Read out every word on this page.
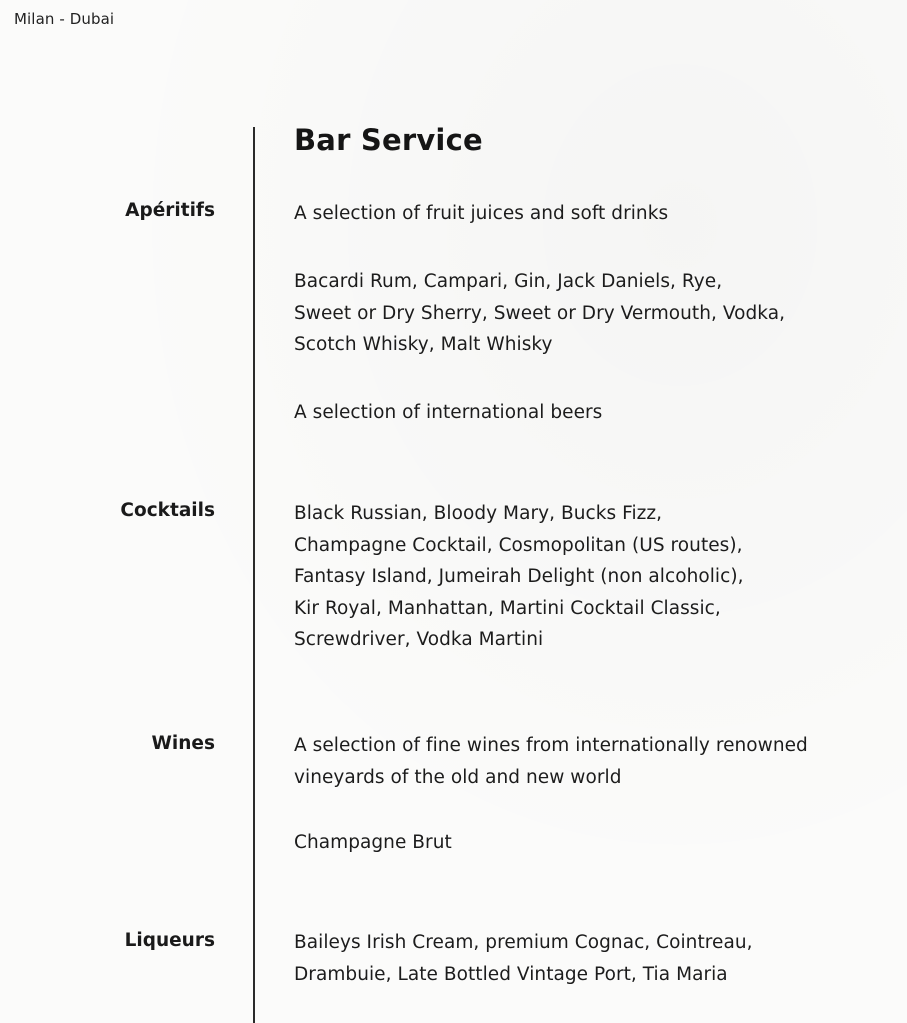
Milan - Dubai
Bar Service
Apéritifs	A selection of fruit juices and soft drinks
Bacardi Rum, Campari, Gin, Jack Daniels, Rye,
Sweet or Dry Sherry, Sweet or Dry Vermouth, Vodka,
Scotch Whisky, Malt Whisky
A selection of international beers
Cocktails	Black Russian, Bloody Mary, Bucks Fizz,
Champagne Cocktail, Cosmopolitan (US routes),
Fantasy Island, Jumeirah Delight (non alcoholic),
Kir Royal, Manhattan, Martini Cocktail Classic,
Screwdriver, Vodka Martini
Wines	A selection of fine wines from internationally renowned
vineyards of the old and new world
Champagne Brut
Liqueurs	Baileys Irish Cream, premium Cognac, Cointreau,
Drambuie, Late Bottled Vintage Port, Tia Maria
